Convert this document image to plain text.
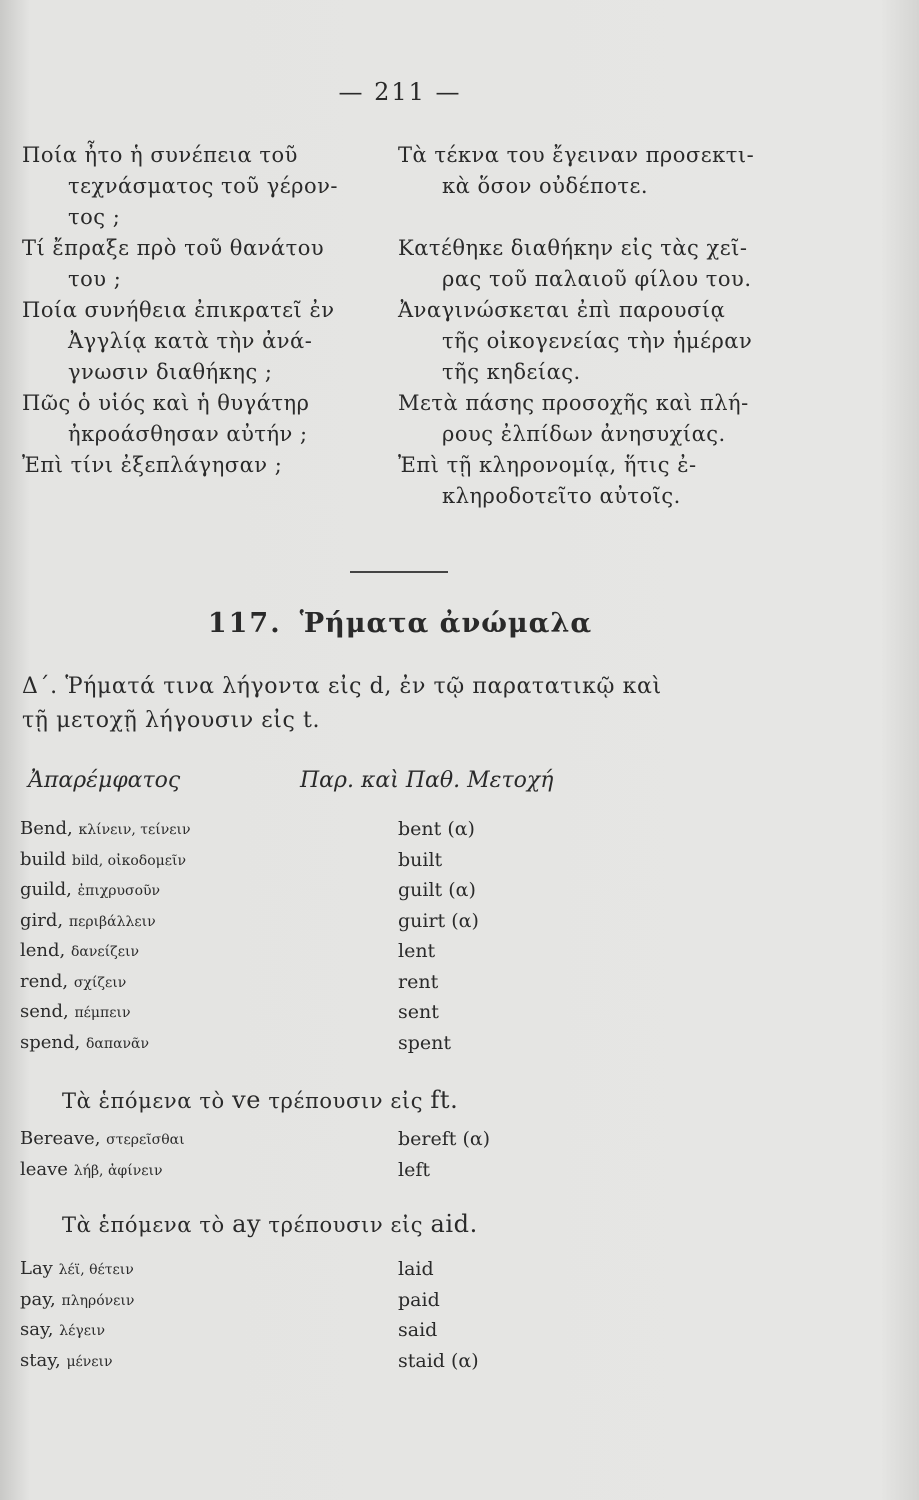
— 211 —
Ποία ἦτο ἡ συνέπεια τοῦ
τεχνάσματος τοῦ γέρον-
τος ;
Τί ἔπραξε πρὸ τοῦ θανάτου
του ;
Ποία συνήθεια ἐπικρατεῖ ἐν
Ἀγγλίᾳ κατὰ τὴν ἀνά-
γνωσιν διαθήκης ;
Πῶς ὁ υἱός καὶ ἡ θυγάτηρ
ἠκροάσθησαν αὐτήν ;
Ἐπὶ τίνι ἐξεπλάγησαν ;
Τὰ τέκνα του ἔγειναν προσεκτι-
κὰ ὅσον οὐδέποτε.
Κατέθηκε διαθήκην εἰς τὰς χεῖ-
ρας τοῦ παλαιοῦ φίλου του.
Ἀναγινώσκεται ἐπὶ παρουσίᾳ
τῆς οἰκογενείας τὴν ἡμέραν
τῆς κηδείας.
Μετὰ πάσης προσοχῆς καὶ πλή-
ρους ἐλπίδων ἀνησυχίας.
Ἐπὶ τῇ κληρονομίᾳ, ἥτις ἐ-
κληροδοτεῖτο αὐτοῖς.
117. Ῥήματα ἀνώμαλα
Δ΄. Ῥήματά τινα λήγοντα εἰς d, ἐν τῷ παρατατικῷ καὶ
τῇ μετοχῇ λήγουσιν εἰς t.
Ἀπαρέμφατος	Παρ. καὶ Παθ. Μετοχή
Bend, κλίνειν, τείνειν	bent (α)
build bild, οἰκοδομεῖν	built
guild, ἐπιχρυσοῦν	guilt (α)
gird, περιβάλλειν	guirt (α)
lend, δανείζειν	lent
rend, σχίζειν	rent
send, πέμπειν	sent
spend, δαπανᾶν	spent
Τὰ ἑπόμενα τὸ ve τρέπουσιν εἰς ft.
Bereave, στερεῖσθαι	bereft (α)
leave λήβ, ἀφίνειν	left
Τὰ ἑπόμενα τὸ ay τρέπουσιν εἰς aid.
Lay λέϊ, θέτειν	laid
pay, πληρόνειν	paid
say, λέγειν	said
stay, μένειν	staid (α)
